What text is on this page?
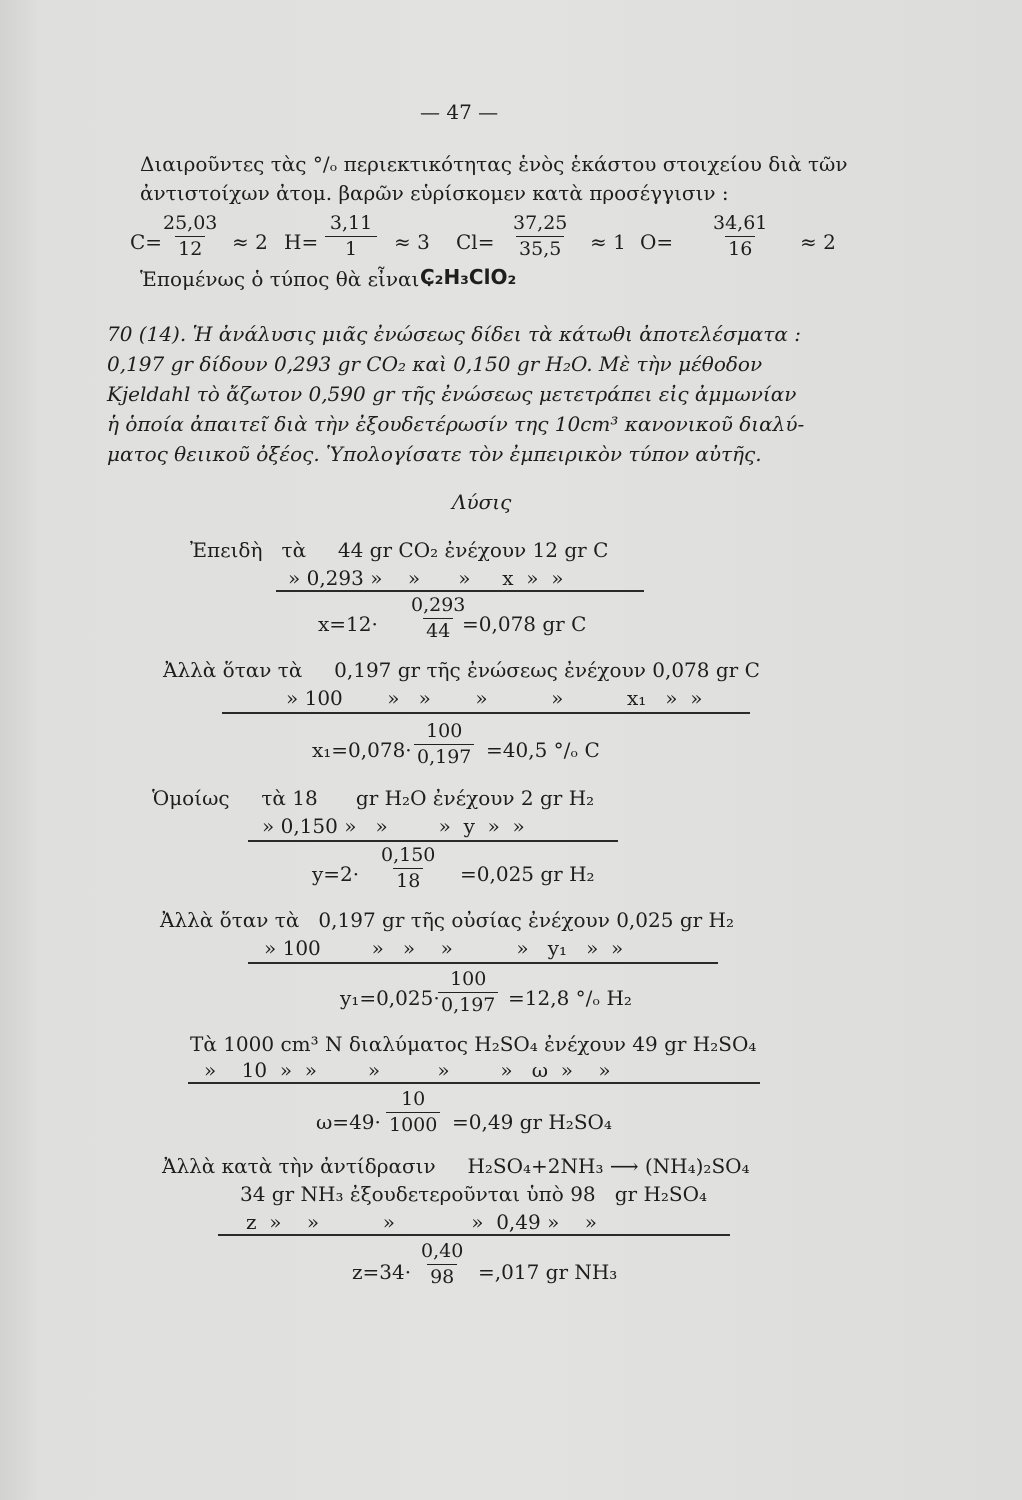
— 47 —
Διαιροῦντες τὰς °/ₒ περιεκτικότητας ἑνὸς ἑκάστου στοιχείου διὰ τῶν
ἀντιστοίχων ἀτομ. βαρῶν εὑρίσκομεν κατὰ προσέγγισιν :
C=
$\frac{25,03}{12} \approx 2$ $H= \frac{3,11}{1} \approx 3$ $Cl= \frac{37,25}{35,5} \approx 1$ $O= \frac{34,61}{16} \approx 2$
Ἑπομένως ὁ τύπος θὰ εἶναι :
C₂H₃ClO₂
70 (14). Ἡ ἀνάλυσις μιᾶς ἐνώσεως δίδει τὰ κάτωθι ἀποτελέσματα :
0,197 gr δίδουν 0,293 gr CO₂ καὶ 0,150 gr H₂O. Μὲ τὴν μέθοδον
Kjeldahl τὸ ἄζωτον 0,590 gr τῆς ἐνώσεως μετετράπει εἰς ἀμμωνίαν
ἡ ὁποία ἀπαιτεῖ διὰ τὴν ἐξουδετέρωσίν της 10cm³ κανονικοῦ διαλύ-
ματος θειικοῦ ὀξέος. Ὑπολογίσατε τὸν ἐμπειρικὸν τύπον αὐτῆς.
Λύσις
Ἐπειδὴ   τὰ     44 gr CO₂ ἐνέχουν 12 gr C
» 0,293 »    »      »     x  »  »
$x=12\cdot \frac{0,293}{44}$
=0,078 gr C
Ἀλλὰ ὅταν τὰ     0,197 gr τῆς ἐνώσεως ἐνέχουν 0,078 gr C
» 100       »   »       »          »          x₁   »  »
$x_1=0,078\cdot \frac{100}{0,197} =40,5$ °/ₒ C
Ὁμοίως     τὰ 18      gr H₂O ἐνέχουν 2 gr H₂
» 0,150 »   »        »  y  »  »
$y=2\cdot \frac{0,150}{18} =0,025$ gr H₂
Ἀλλὰ ὅταν τὰ   0,197 gr τῆς οὐσίας ἐνέχουν 0,025 gr H₂
» 100        »   »    »          »   y₁   »  »
y₁=0,025·
$\frac{100}{0,197} =12,8$ °/ₒ H₂
Τὰ 1000 cm³ N διαλύματος H₂SO₄ ἐνέχουν 49 gr H₂SO₄
»    10  »  »        »         »        »   ω  »    »
$\omega=49\cdot \frac{10}{1000} =0,49$ gr H₂SO₄
Ἀλλὰ κατὰ τὴν ἀντίδρασιν     H₂SO₄+2NH₃ ⟶ (NH₄)₂SO₄
34 gr NH₃ ἐξουδετεροῦνται ὑπὸ 98   gr H₂SO₄
z  »    »          »            »  0,49 »    »
$z=34\cdot \frac{0,40}{98} =,017$ gr NH₃
